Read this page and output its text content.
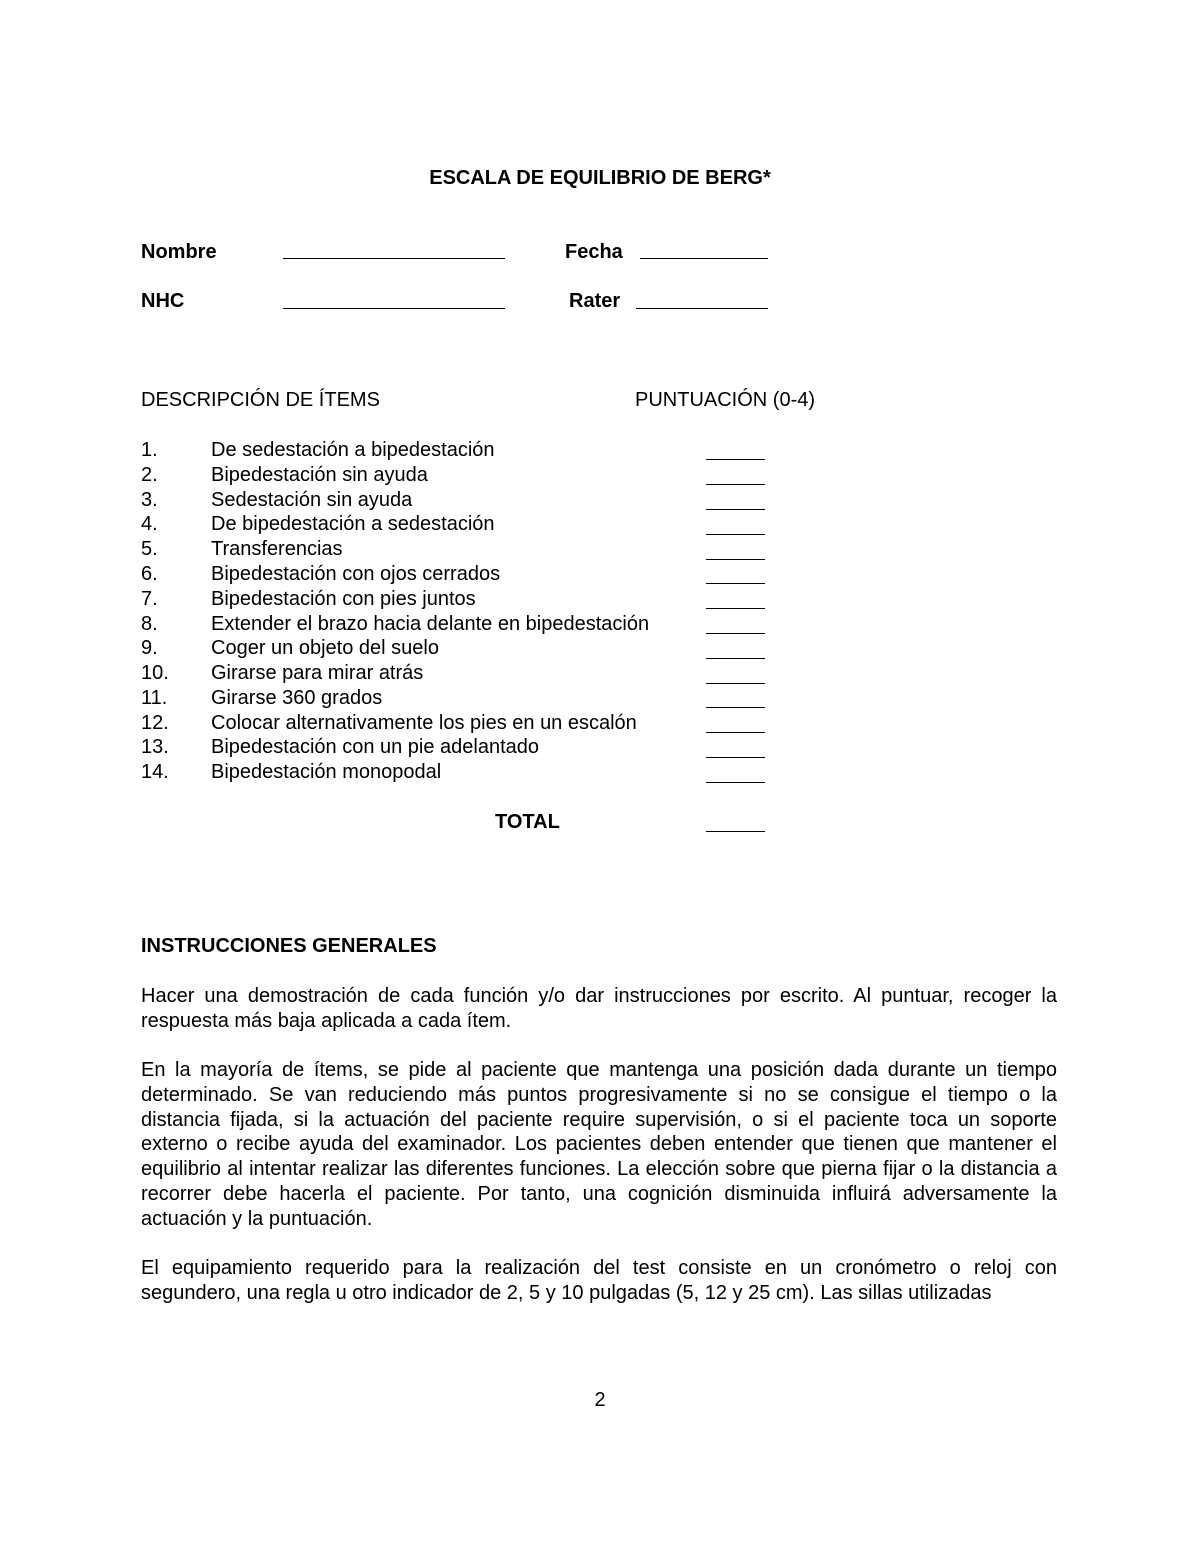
ESCALA DE EQUILIBRIO DE BERG*
Nombre	Fecha
NHC	Rater
DESCRIPCIÓN DE ÍTEMS	PUNTUACIÓN (0-4)
1.	De sedestación a bipedestación
2.	Bipedestación sin ayuda
3.	Sedestación sin ayuda
4.	De bipedestación a sedestación
5.	Transferencias
6.	Bipedestación con ojos cerrados
7.	Bipedestación con pies juntos
8.	Extender el brazo hacia delante en bipedestación
9.	Coger un objeto del suelo
10. Girarse para mirar atrás
11. Girarse 360 grados
12. Colocar alternativamente los pies en un escalón
13. Bipedestación con un pie adelantado
14. Bipedestación monopodal
TOTAL
INSTRUCCIONES GENERALES
Hacer una demostración de cada función y/o dar instrucciones por escrito. Al puntuar, recoger la respuesta más baja aplicada a cada ítem.
En la mayoría de ítems, se pide al paciente que mantenga una posición dada durante un tiempo determinado. Se van reduciendo más puntos progresivamente si no se consigue el tiempo o la distancia fijada, si la actuación del paciente require supervisión, o si el paciente toca un soporte externo o recibe ayuda del examinador. Los pacientes deben entender que tienen que mantener el equilibrio al intentar realizar las diferentes funciones. La elección sobre que pierna fijar o la distancia a recorrer debe hacerla el paciente. Por tanto, una cognición disminuida influirá adversamente la actuación y la puntuación.
El equipamiento requerido para la realización del test consiste en un cronómetro o reloj con segundero, una regla u otro indicador de 2, 5 y 10 pulgadas (5, 12 y 25 cm). Las sillas utilizadas
2
